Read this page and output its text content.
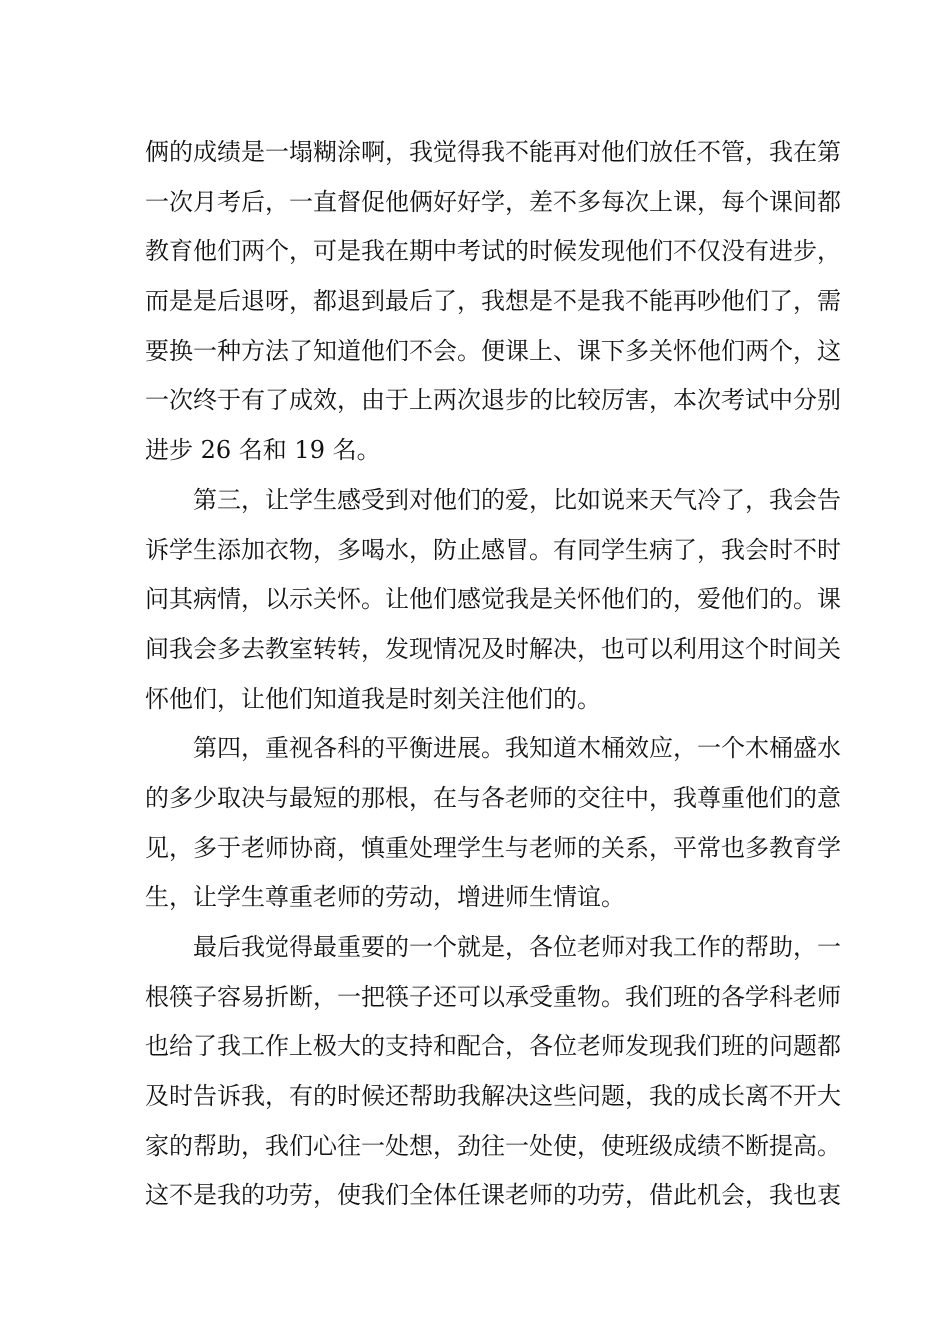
俩的成绩是一塌糊涂啊，我觉得我不能再对他们放任不管，我在第
一次月考后，一直督促他俩好好学，差不多每次上课，每个课间都
教育他们两个，可是我在期中考试的时候发现他们不仅没有进步，
而是是后退呀，都退到最后了，我想是不是我不能再吵他们了，需
要换一种方法了知道他们不会。便课上、课下多关怀他们两个，这
一次终于有了成效，由于上两次退步的比较厉害，本次考试中分别
进步 26 名和 19 名。
第三，让学生感受到对他们的爱，比如说来天气冷了，我会告
诉学生添加衣物，多喝水，防止感冒。有同学生病了，我会时不时
问其病情，以示关怀。让他们感觉我是关怀他们的，爱他们的。课
间我会多去教室转转，发现情况及时解决，也可以利用这个时间关
怀他们，让他们知道我是时刻关注他们的。
第四，重视各科的平衡进展。我知道木桶效应，一个木桶盛水
的多少取决与最短的那根，在与各老师的交往中，我尊重他们的意
见，多于老师协商，慎重处理学生与老师的关系，平常也多教育学
生，让学生尊重老师的劳动，增进师生情谊。
最后我觉得最重要的一个就是，各位老师对我工作的帮助，一
根筷子容易折断，一把筷子还可以承受重物。我们班的各学科老师
也给了我工作上极大的支持和配合，各位老师发现我们班的问题都
及时告诉我，有的时候还帮助我解决这些问题，我的成长离不开大
家的帮助，我们心往一处想，劲往一处使，使班级成绩不断提高。
这不是我的功劳，使我们全体任课老师的功劳，借此机会，我也衷
